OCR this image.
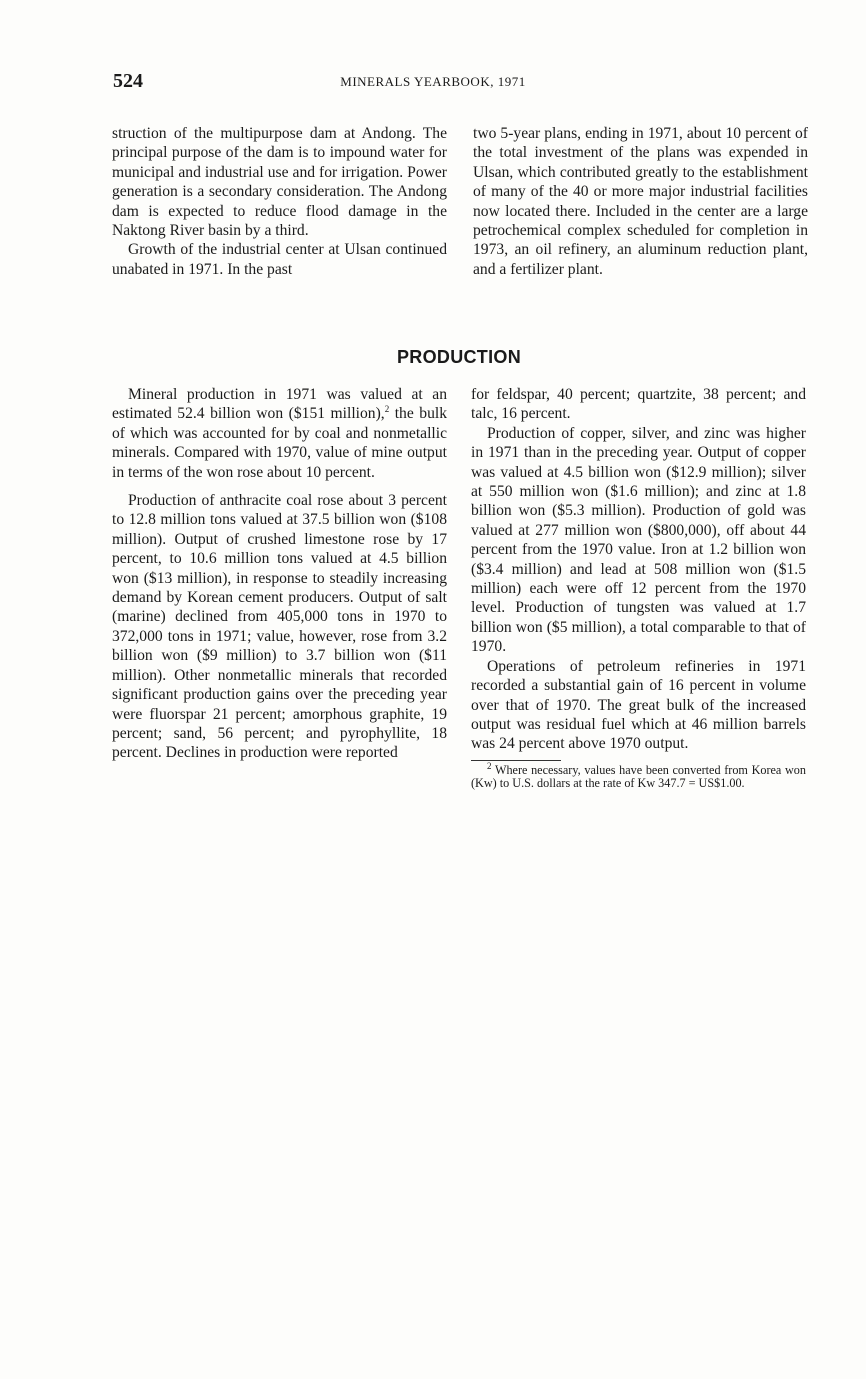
524	MINERALS YEARBOOK, 1971

struction of the multipurpose dam at Andong. The principal purpose of the dam is to impound water for municipal and industrial use and for irrigation. Power generation is a secondary consideration. The Andong dam is expected to reduce flood damage in the Naktong River basin by a third.

Growth of the industrial center at Ulsan continued unabated in 1971. In the past

two 5-year plans, ending in 1971, about 10 percent of the total investment of the plans was expended in Ulsan, which contributed greatly to the establishment of many of the 40 or more major industrial facilities now located there. Included in the center are a large petrochemical complex scheduled for completion in 1973, an oil refinery, an aluminum reduction plant, and a fertilizer plant.

PRODUCTION

Mineral production in 1971 was valued at an estimated 52.4 billion won ($151 million),$^2$ the bulk of which was accounted for by coal and nonmetallic minerals. Compared with 1970, value of mine output in terms of the won rose about 10 percent.

Production of anthracite coal rose about 3 percent to 12.8 million tons valued at 37.5 billion won ($108 million). Output of crushed limestone rose by 17 percent, to 10.6 million tons valued at 4.5 billion won ($13 million), in response to steadily increasing demand by Korean cement producers. Output of salt (marine) declined from 405,000 tons in 1970 to 372,000 tons in 1971; value, however, rose from 3.2 billion won ($9 million) to 3.7 billion won ($11 million). Other nonmetallic minerals that recorded significant production gains over the preceding year were fluorspar 21 percent; amorphous graphite, 19 percent; sand, 56 percent; and pyrophyllite, 18 percent. Declines in production were reported

for feldspar, 40 percent; quartzite, 38 percent; and talc, 16 percent.

Production of copper, silver, and zinc was higher in 1971 than in the preceding year. Output of copper was valued at 4.5 billion won ($12.9 million); silver at 550 million won ($1.6 million); and zinc at 1.8 billion won ($5.3 million). Production of gold was valued at 277 million won ($800,000), off about 44 percent from the 1970 value. Iron at 1.2 billion won ($3.4 million) and lead at 508 million won ($1.5 million) each were off 12 percent from the 1970 level. Production of tungsten was valued at 1.7 billion won ($5 million), a total comparable to that of 1970.

Operations of petroleum refineries in 1971 recorded a substantial gain of 16 percent in volume over that of 1970. The great bulk of the increased output was residual fuel which at 46 million barrels was 24 percent above 1970 output.

$^2$ Where necessary, values have been converted from Korea won (Kw) to U.S. dollars at the rate of Kw 347.7 = US$1.00.
